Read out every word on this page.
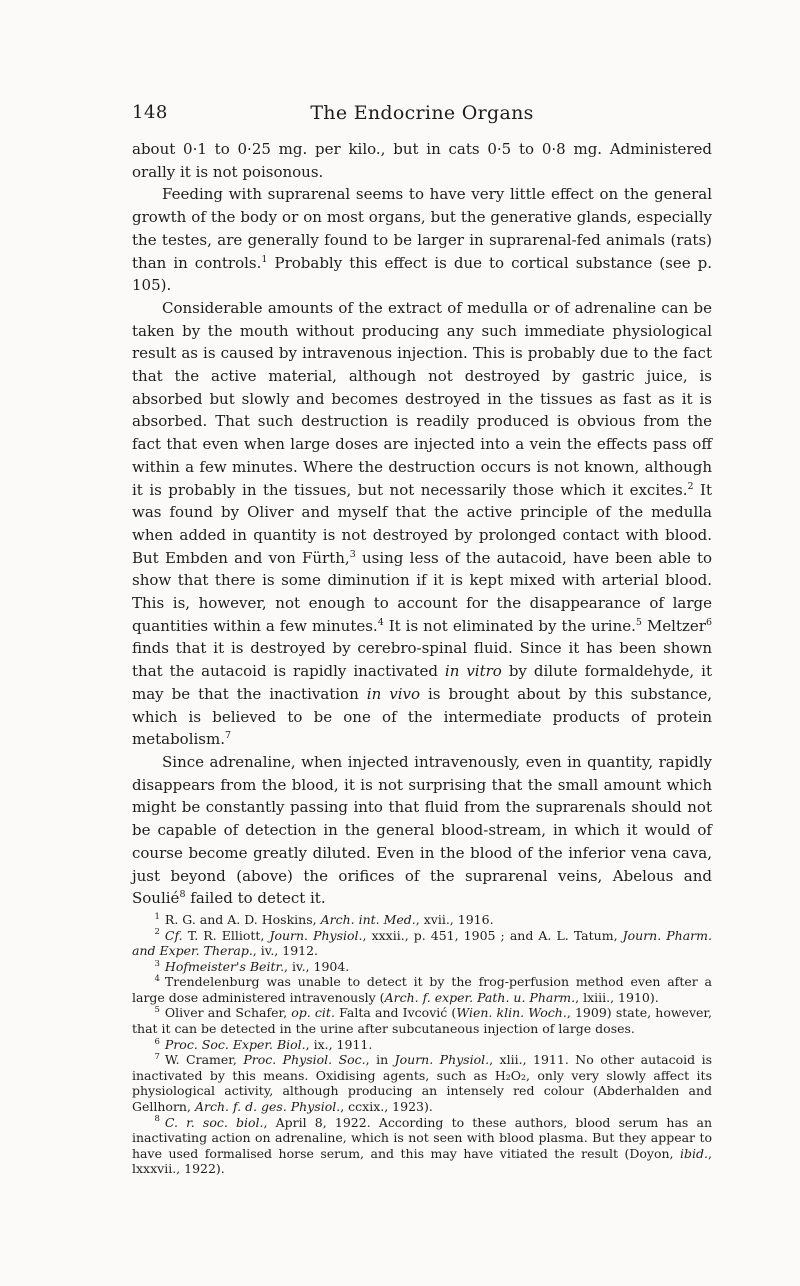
148	The Endocrine Organs

about 0·1 to 0·25 mg. per kilo., but in cats 0·5 to 0·8 mg. Administered orally it is not poisonous.

Feeding with suprarenal seems to have very little effect on the general growth of the body or on most organs, but the generative glands, especially the testes, are generally found to be larger in suprarenal-fed animals (rats) than in controls.$^1$ Probably this effect is due to cortical substance (see p. 105).

Considerable amounts of the extract of medulla or of adrenaline can be taken by the mouth without producing any such immediate physiological result as is caused by intravenous injection. This is probably due to the fact that the active material, although not destroyed by gastric juice, is absorbed but slowly and becomes destroyed in the tissues as fast as it is absorbed. That such destruction is readily produced is obvious from the fact that even when large doses are injected into a vein the effects pass off within a few minutes. Where the destruction occurs is not known, although it is probably in the tissues, but not necessarily those which it excites.$^2$ It was found by Oliver and myself that the active principle of the medulla when added in quantity is not destroyed by prolonged contact with blood. But Embden and von Fürth,$^3$ using less of the autacoid, have been able to show that there is some diminution if it is kept mixed with arterial blood. This is, however, not enough to account for the disappearance of large quantities within a few minutes.$^4$ It is not eliminated by the urine.$^5$ Meltzer$^6$ finds that it is destroyed by cerebro-spinal fluid. Since it has been shown that the autacoid is rapidly inactivated in vitro by dilute formaldehyde, it may be that the inactivation in vivo is brought about by this substance, which is believed to be one of the intermediate products of protein metabolism.$^7$

Since adrenaline, when injected intravenously, even in quantity, rapidly disappears from the blood, it is not surprising that the small amount which might be constantly passing into that fluid from the suprarenals should not be capable of detection in the general blood-stream, in which it would of course become greatly diluted. Even in the blood of the inferior vena cava, just beyond (above) the orifices of the suprarenal veins, Abelous and Soulié$^8$ failed to detect it.

$^1$ R. G. and A. D. Hoskins, Arch. int. Med., xvii., 1916.

$^2$ Cf. T. R. Elliott, Journ. Physiol., xxxii., p. 451, 1905 ; and A. L. Tatum, Journ. Pharm. and Exper. Therap., iv., 1912.

$^3$ Hofmeister's Beitr., iv., 1904.

$^4$ Trendelenburg was unable to detect it by the frog-perfusion method even after a large dose administered intravenously (Arch. f. exper. Path. u. Pharm., lxiii., 1910).

$^5$ Oliver and Schafer, op. cit. Falta and Ivcović (Wien. klin. Woch., 1909) state, however, that it can be detected in the urine after subcutaneous injection of large doses.

$^6$ Proc. Soc. Exper. Biol., ix., 1911.

$^7$ W. Cramer, Proc. Physiol. Soc., in Journ. Physiol., xlii., 1911. No other autacoid is inactivated by this means. Oxidising agents, such as H₂O₂, only very slowly affect its physiological activity, although producing an intensely red colour (Abderhalden and Gellhorn, Arch. f. d. ges. Physiol., ccxix., 1923).

$^8$ C. r. soc. biol., April 8, 1922. According to these authors, blood serum has an inactivating action on adrenaline, which is not seen with blood plasma. But they appear to have used formalised horse serum, and this may have vitiated the result (Doyon, ibid., lxxxvii., 1922).
